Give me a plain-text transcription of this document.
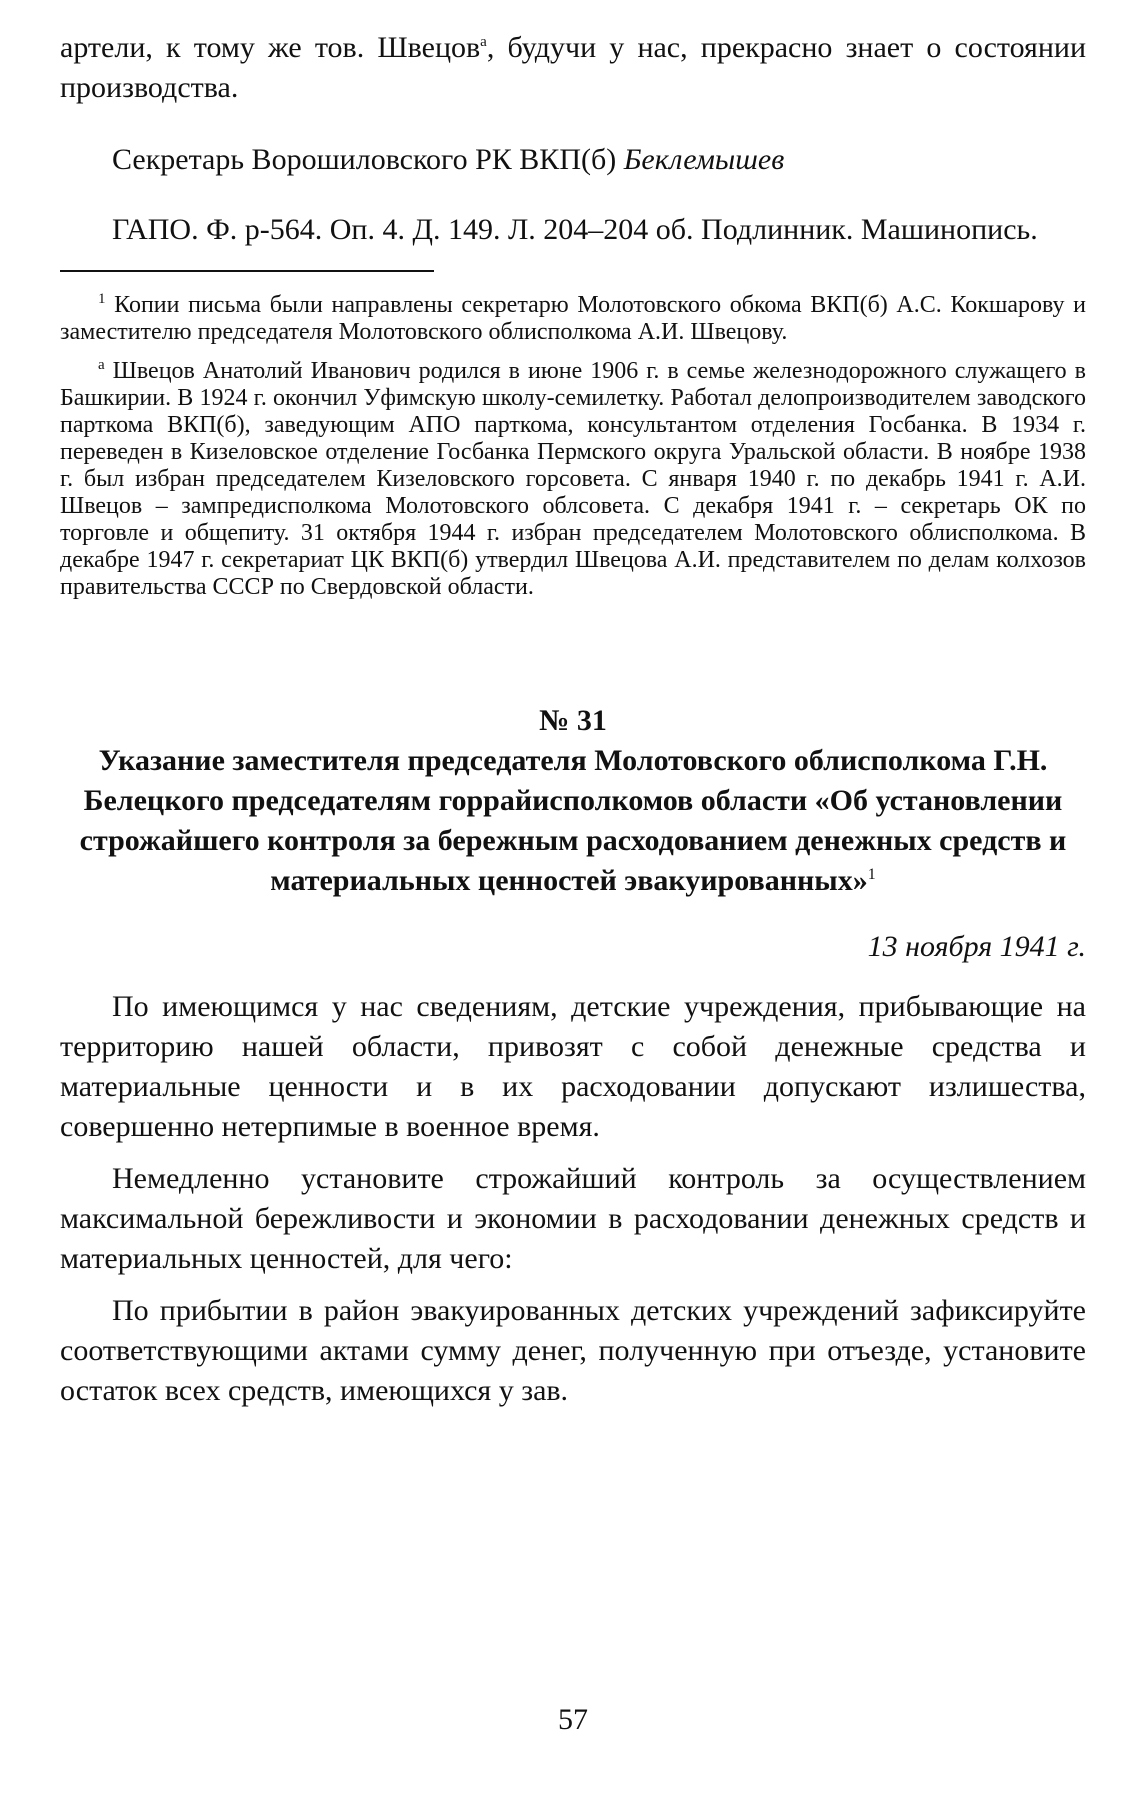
артели, к тому же тов. Швецов$^а$, будучи у нас, прекрасно знает о состоянии производства.

Секретарь Ворошиловского РК ВКП(б) Беклемышев
ГАПО. Ф. р-564. Оп. 4. Д. 149. Л. 204–204 об. Подлинник. Машинопись.

$^1$ Копии письма были направлены секретарю Молотовского обкома ВКП(б) А.С. Кокшарову и заместителю председателя Молотовского облисполкома А.И. Швецову.

$^а$ Швецов Анатолий Иванович родился в июне 1906 г. в семье железнодорожного служащего в Башкирии. В 1924 г. окончил Уфимскую школу-семилетку. Работал делопроизводителем заводского парткома ВКП(б), заведующим АПО парткома, консультантом отделения Госбанка. В 1934 г. переведен в Кизеловское отделение Госбанка Пермского округа Уральской области. В ноябре 1938 г. был избран председателем Кизеловского горсовета. С января 1940 г. по декабрь 1941 г. А.И. Швецов – зампредисполкома Молотовского облсовета. С декабря 1941 г. – секретарь ОК по торговле и общепиту. 31 октября 1944 г. избран председателем Молотовского облисполкома. В декабре 1947 г. секретариат ЦК ВКП(б) утвердил Швецова А.И. представителем по делам колхозов правительства СССР по Свердовской области.

№ 31

Указание заместителя председателя Молотовского облисполкома Г.Н. Белецкого председателям горрайисполкомов области «Об установлении строжайшего контроля за бережным расходованием денежных средств и материальных ценностей эвакуированных»$^1$

13 ноября 1941 г.

По имеющимся у нас сведениям, детские учреждения, прибывающие на территорию нашей области, привозят с собой денежные средства и материальные ценности и в их расходовании допускают излишества, совершенно нетерпимые в военное время.

Немедленно установите строжайший контроль за осуществлением максимальной бережливости и экономии в расходовании денежных средств и материальных ценностей, для чего:

По прибытии в район эвакуированных детских учреждений зафиксируйте соответствующими актами сумму денег, полученную при отъезде, установите остаток всех средств, имеющихся у зав.

57
